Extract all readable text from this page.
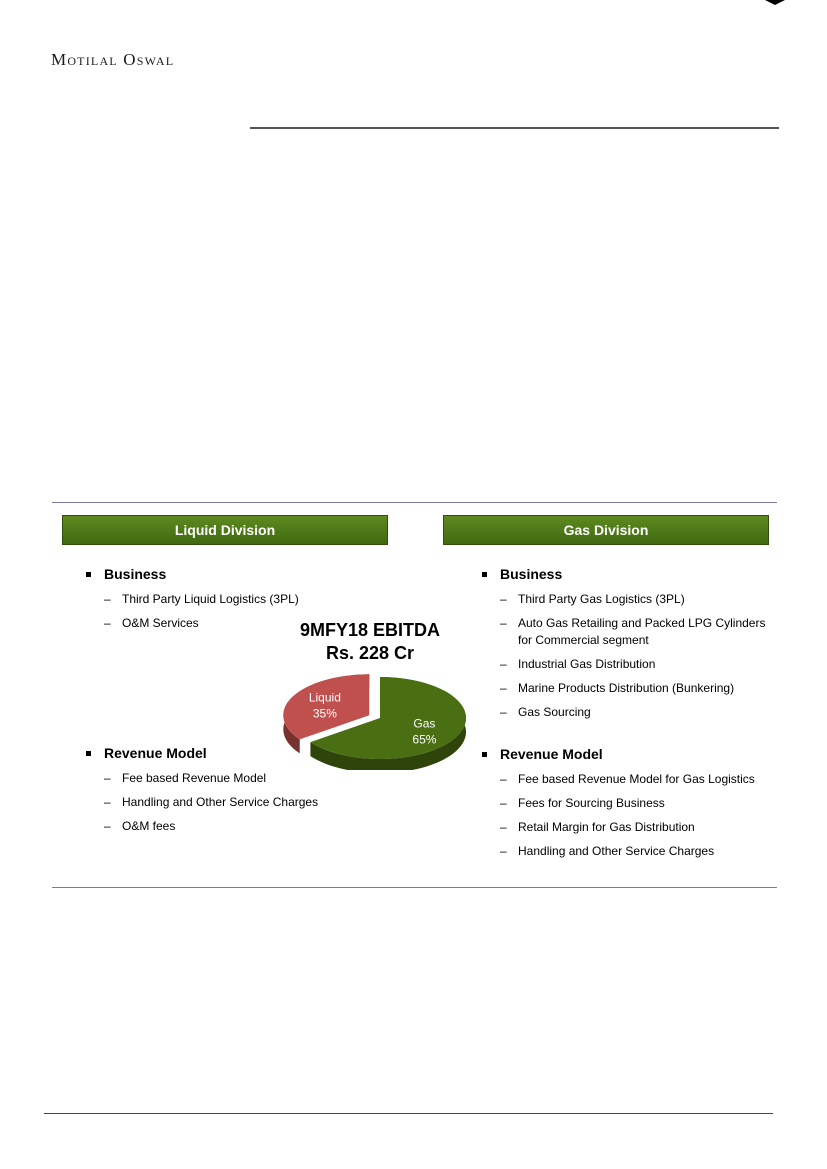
Motilal Oswal
Liquid Division	Gas Division
Business
– Third Party Liquid Logistics (3PL)
– O&M Services
Revenue Model
– Fee based Revenue Model
– Handling and Other Service Charges
– O&M fees
Business
– Third Party Gas Logistics (3PL)
– Auto Gas Retailing and Packed LPG Cylinders for Commercial segment
– Industrial Gas Distribution
– Marine Products Distribution (Bunkering)
– Gas Sourcing
Revenue Model
– Fee based Revenue Model for Gas Logistics
– Fees for Sourcing Business
– Retail Margin for Gas Distribution
– Handling and Other Service Charges
9MFY18 EBITDA
Rs. 228 Cr
Gas
65%
Liquid
35%
